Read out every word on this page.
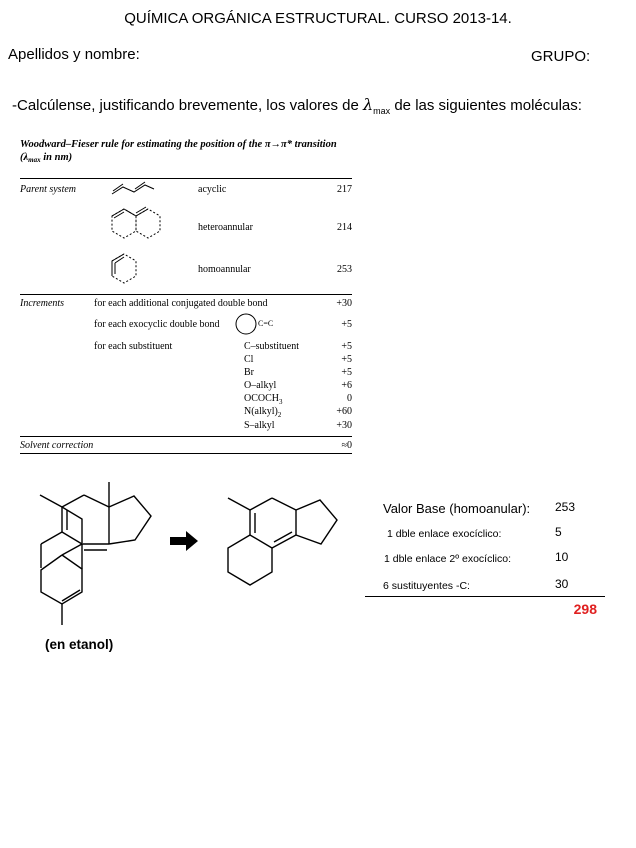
QUÍMICA ORGÁNICA ESTRUCTURAL. CURSO 2013-14.
Apellidos y nombre:	GRUPO:
-Calcúlense, justificando brevemente, los valores de $\lambda_{max}$ de las siguientes moléculas:
Woodward–Fieser rule for estimating the position of the π→π* transition
($\lambda_{max}$ in nm)
Parent system	acyclic	217
heteroannular	214
homoannular	253
Increments	for each additional conjugated double bond	+30
for each exocyclic double bond	C=C	+5
for each substituent	C–substituent	+5
Cl	+5
Br	+5
O–alkyl	+6
$OCOCH_3$	0
$N(alkyl)_2$	+60
S–alkyl	+30
Solvent correction	≈0
(en etanol)
Valor Base (homoanular): 253
1 dble enlace exocíclico:	5
1 dble enlace 2º exocíclico:	10
6 sustituyentes -C:	30
298
